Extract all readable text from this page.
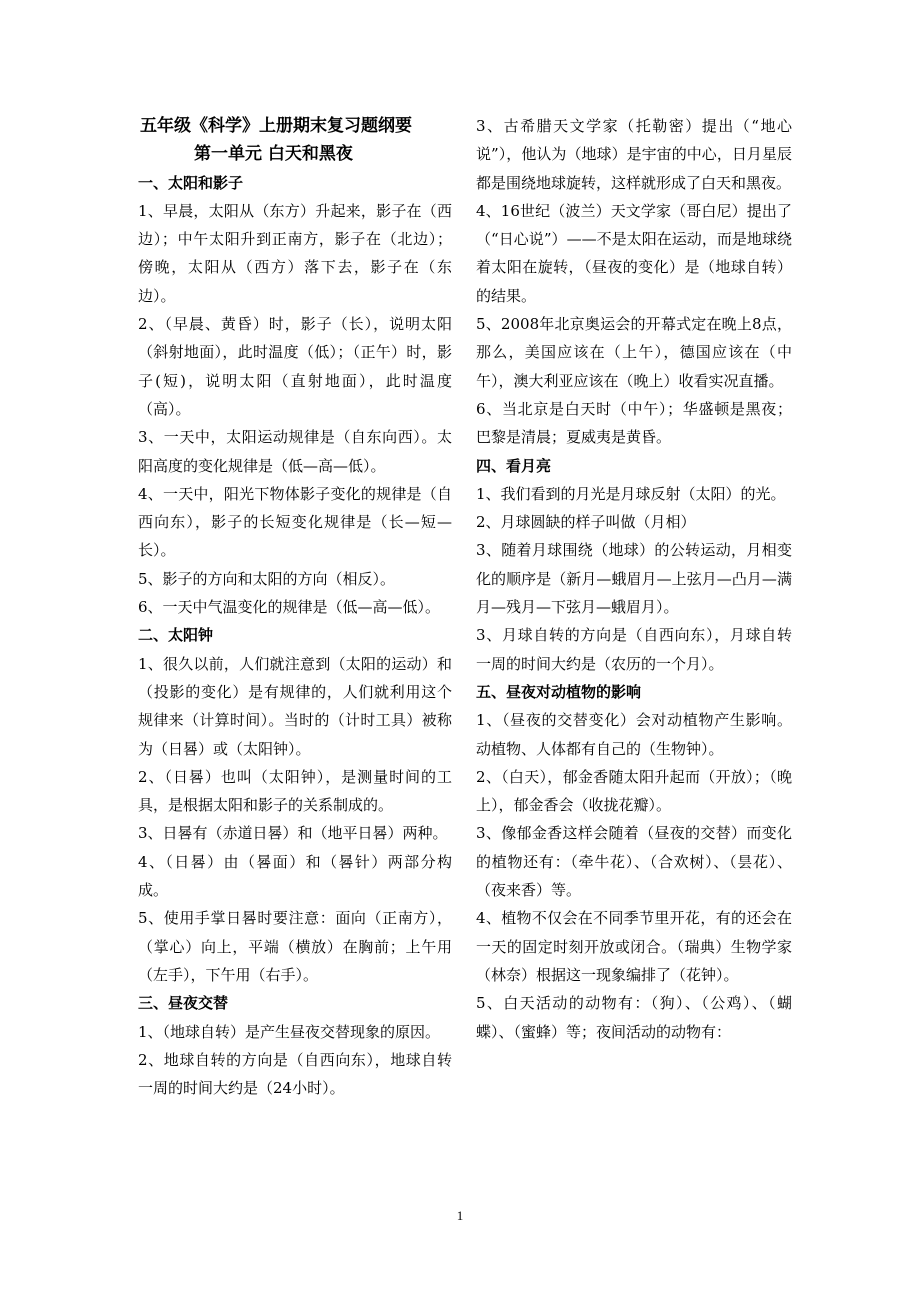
五年级《科学》上册期末复习题纲要

第一单元 白天和黑夜

一、太阳和影子

1、早晨，太阳从（东方）升起来，影子在（西边）；中午太阳升到正南方，影子在（北边）；傍晚，太阳从（西方）落下去，影子在（东边）。

2、（早晨、黄昏）时，影子（长），说明太阳（斜射地面），此时温度（低）；（正午）时，影子(短)，说明太阳（直射地面），此时温度（高）。

3、一天中，太阳运动规律是（自东向西）。太阳高度的变化规律是（低—高—低）。

4、一天中，阳光下物体影子变化的规律是（自西向东），影子的长短变化规律是（长—短—长）。

5、影子的方向和太阳的方向（相反）。

6、一天中气温变化的规律是（低—高—低）。

二、太阳钟

1、很久以前，人们就注意到（太阳的运动）和（投影的变化）是有规律的，人们就利用这个规律来（计算时间）。当时的（计时工具）被称为（日晷）或（太阳钟）。

2、（日晷）也叫（太阳钟），是测量时间的工具，是根据太阳和影子的关系制成的。

3、日晷有（赤道日晷）和（地平日晷）两种。

4、（日晷）由（晷面）和（晷针）两部分构成。

5、使用手掌日晷时要注意：面向（正南方），（掌心）向上，平端（横放）在胸前；上午用（左手），下午用（右手）。

三、昼夜交替

1、（地球自转）是产生昼夜交替现象的原因。

2、地球自转的方向是（自西向东），地球自转一周的时间大约是（24小时）。

3、古希腊天文学家（托勒密）提出（“地心说”），他认为（地球）是宇宙的中心，日月星辰都是围绕地球旋转，这样就形成了白天和黑夜。

4、16世纪（波兰）天文学家（哥白尼）提出了（“日心说”）——不是太阳在运动，而是地球绕着太阳在旋转，（昼夜的变化）是（地球自转）的结果。

5、2008年北京奥运会的开幕式定在晚上8点，那么，美国应该在（上午），德国应该在（中午），澳大利亚应该在（晚上）收看实况直播。

6、当北京是白天时（中午）；华盛顿是黑夜；巴黎是清晨；夏威夷是黄昏。

四、看月亮

1、我们看到的月光是月球反射（太阳）的光。

2、月球圆缺的样子叫做（月相）

3、随着月球围绕（地球）的公转运动，月相变化的顺序是（新月—蛾眉月—上弦月—凸月—满月—残月—下弦月—蛾眉月）。

3、月球自转的方向是（自西向东），月球自转一周的时间大约是（农历的一个月）。

五、昼夜对动植物的影响

1、（昼夜的交替变化）会对动植物产生影响。动植物、人体都有自己的（生物钟）。

2、（白天），郁金香随太阳升起而（开放）；（晚上），郁金香会（收拢花瓣）。

3、像郁金香这样会随着（昼夜的交替）而变化的植物还有：（牵牛花）、（合欢树）、（昙花）、（夜来香）等。

4、植物不仅会在不同季节里开花，有的还会在一天的固定时刻开放或闭合。（瑞典）生物学家（林奈）根据这一现象编排了（花钟）。

5、白天活动的动物有：（狗）、（公鸡）、（蝴蝶）、（蜜蜂）等；夜间活动的动物有：

1
